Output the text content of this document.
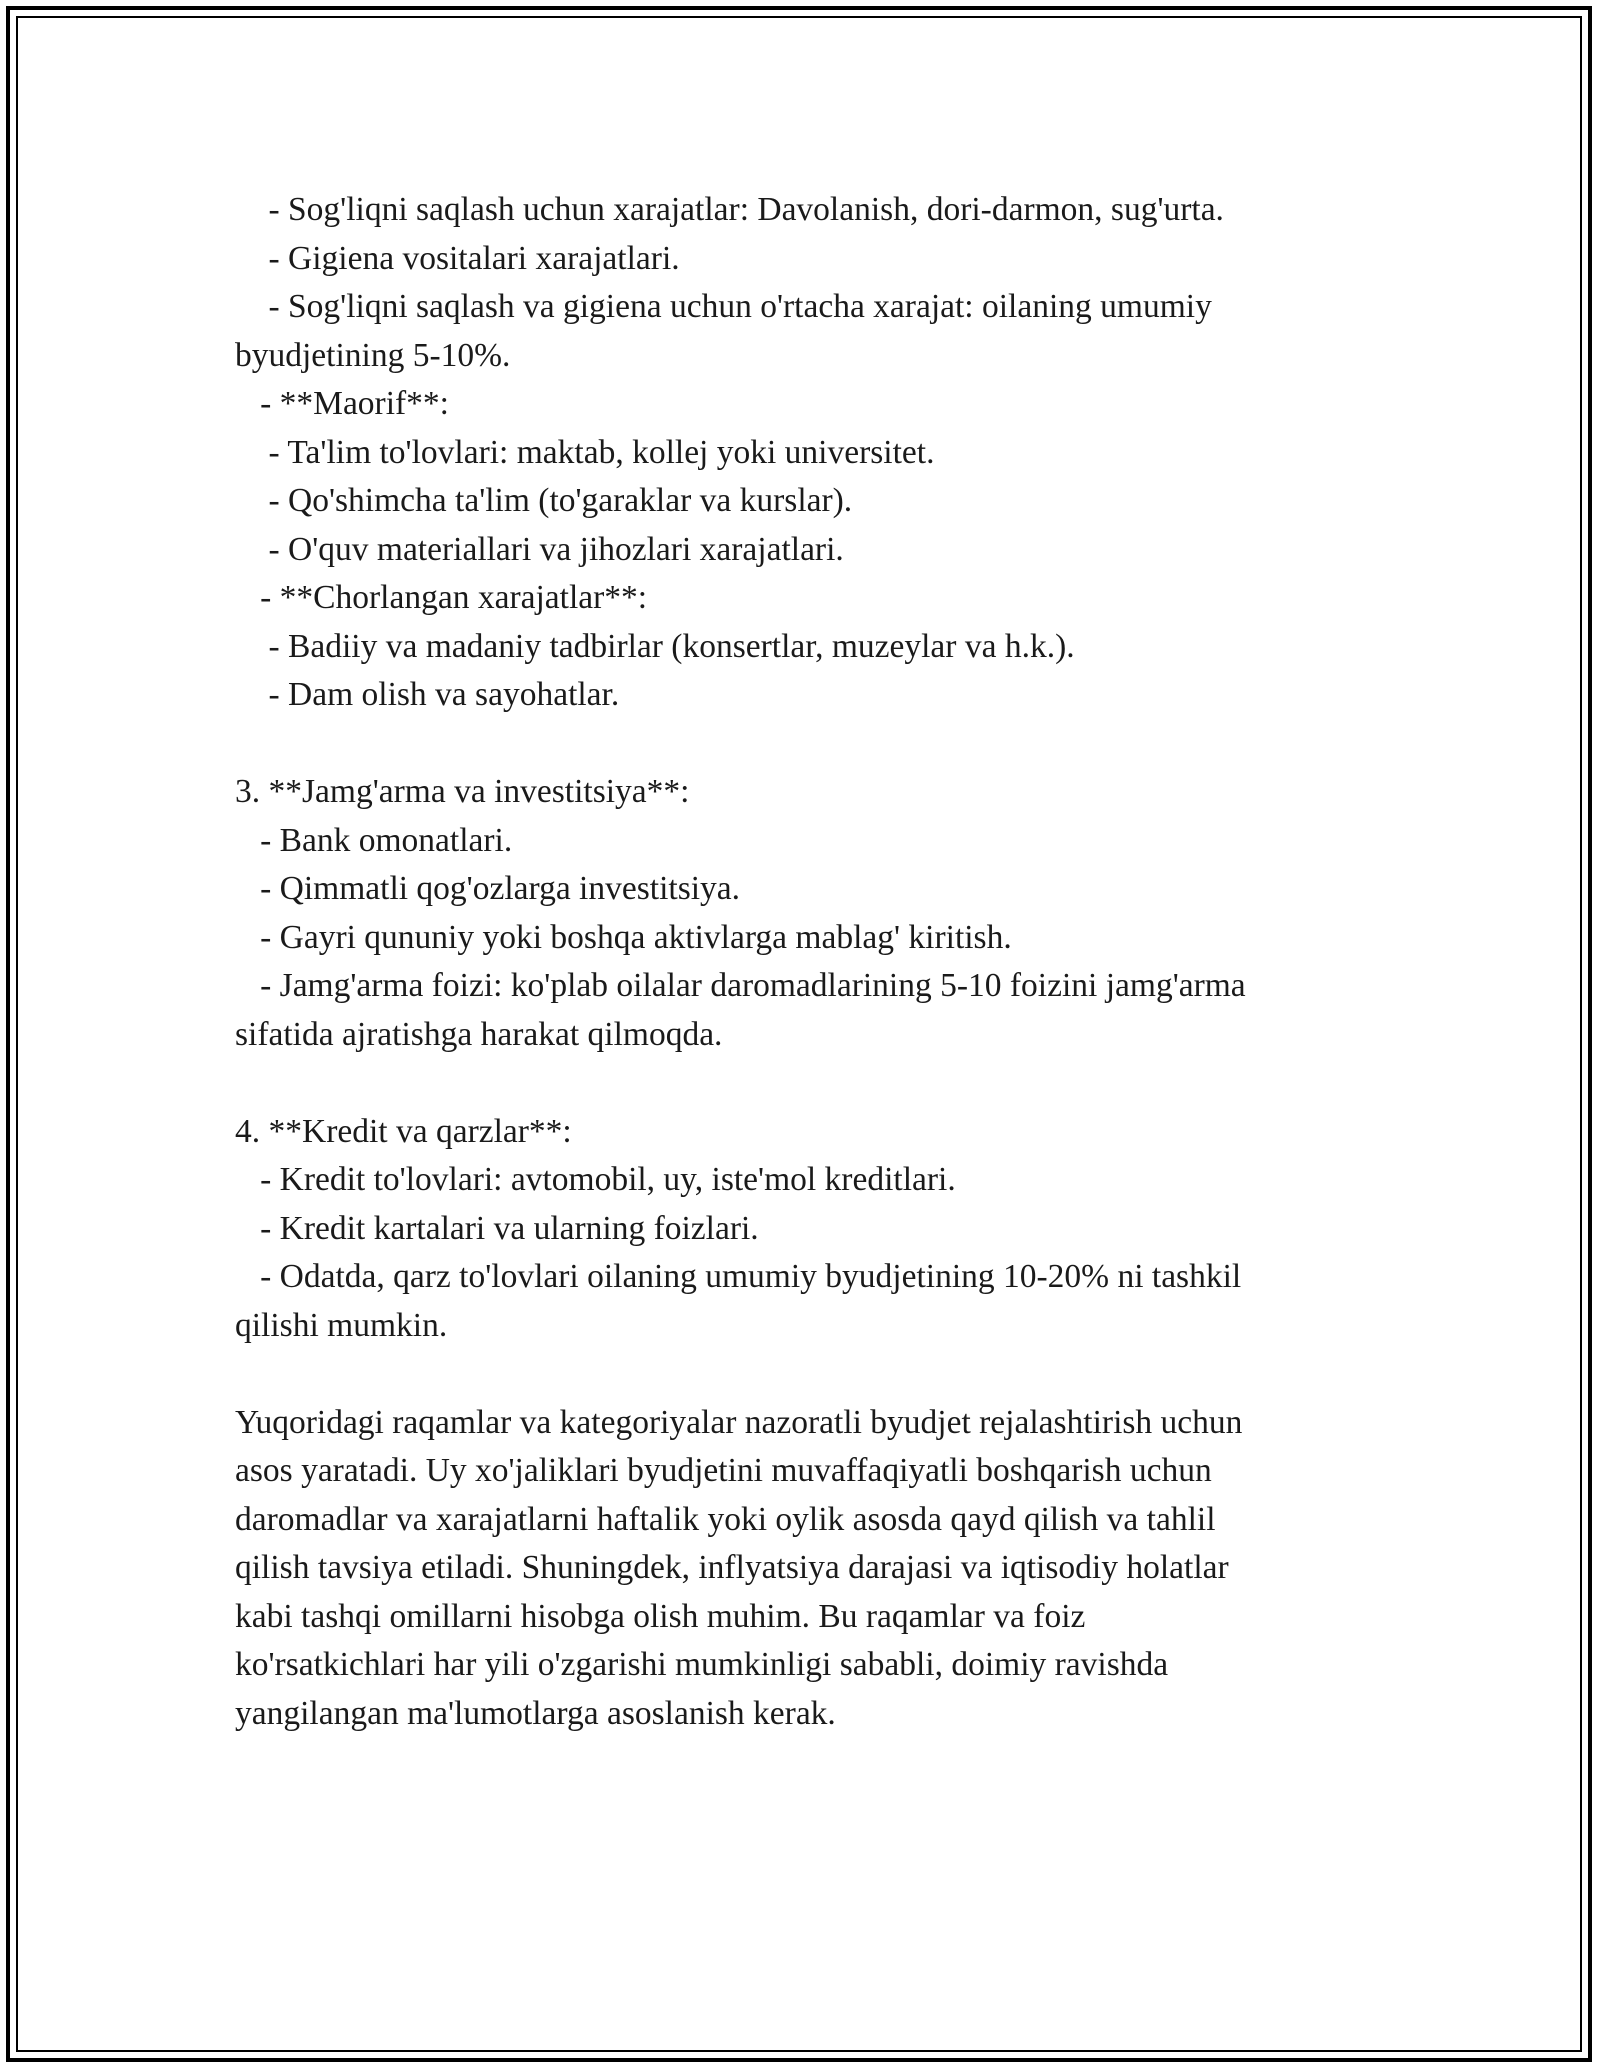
- Sog'liqni saqlash uchun xarajatlar: Davolanish, dori-darmon, sug'urta.
- Gigiena vositalari xarajatlari.
- Sog'liqni saqlash va gigiena uchun o'rtacha xarajat: oilaning umumiy
byudjetining 5-10%.
- **Maorif**:
- Ta'lim to'lovlari: maktab, kollej yoki universitet.
- Qo'shimcha ta'lim (to'garaklar va kurslar).
- O'quv materiallari va jihozlari xarajatlari.
- **Chorlangan xarajatlar**:
- Badiiy va madaniy tadbirlar (konsertlar, muzeylar va h.k.).
- Dam olish va sayohatlar.
3. **Jamg'arma va investitsiya**:
- Bank omonatlari.
- Qimmatli qog'ozlarga investitsiya.
- Gayri qununiy yoki boshqa aktivlarga mablag' kiritish.
- Jamg'arma foizi: ko'plab oilalar daromadlarining 5-10 foizini jamg'arma
sifatida ajratishga harakat qilmoqda.
4. **Kredit va qarzlar**:
- Kredit to'lovlari: avtomobil, uy, iste'mol kreditlari.
- Kredit kartalari va ularning foizlari.
- Odatda, qarz to'lovlari oilaning umumiy byudjetining 10-20% ni tashkil
qilishi mumkin.
Yuqoridagi raqamlar va kategoriyalar nazoratli byudjet rejalashtirish uchun
asos yaratadi. Uy xo'jaliklari byudjetini muvaffaqiyatli boshqarish uchun
daromadlar va xarajatlarni haftalik yoki oylik asosda qayd qilish va tahlil
qilish tavsiya etiladi. Shuningdek, inflyatsiya darajasi va iqtisodiy holatlar
kabi tashqi omillarni hisobga olish muhim. Bu raqamlar va foiz
ko'rsatkichlari har yili o'zgarishi mumkinligi sababli, doimiy ravishda
yangilangan ma'lumotlarga asoslanish kerak.
